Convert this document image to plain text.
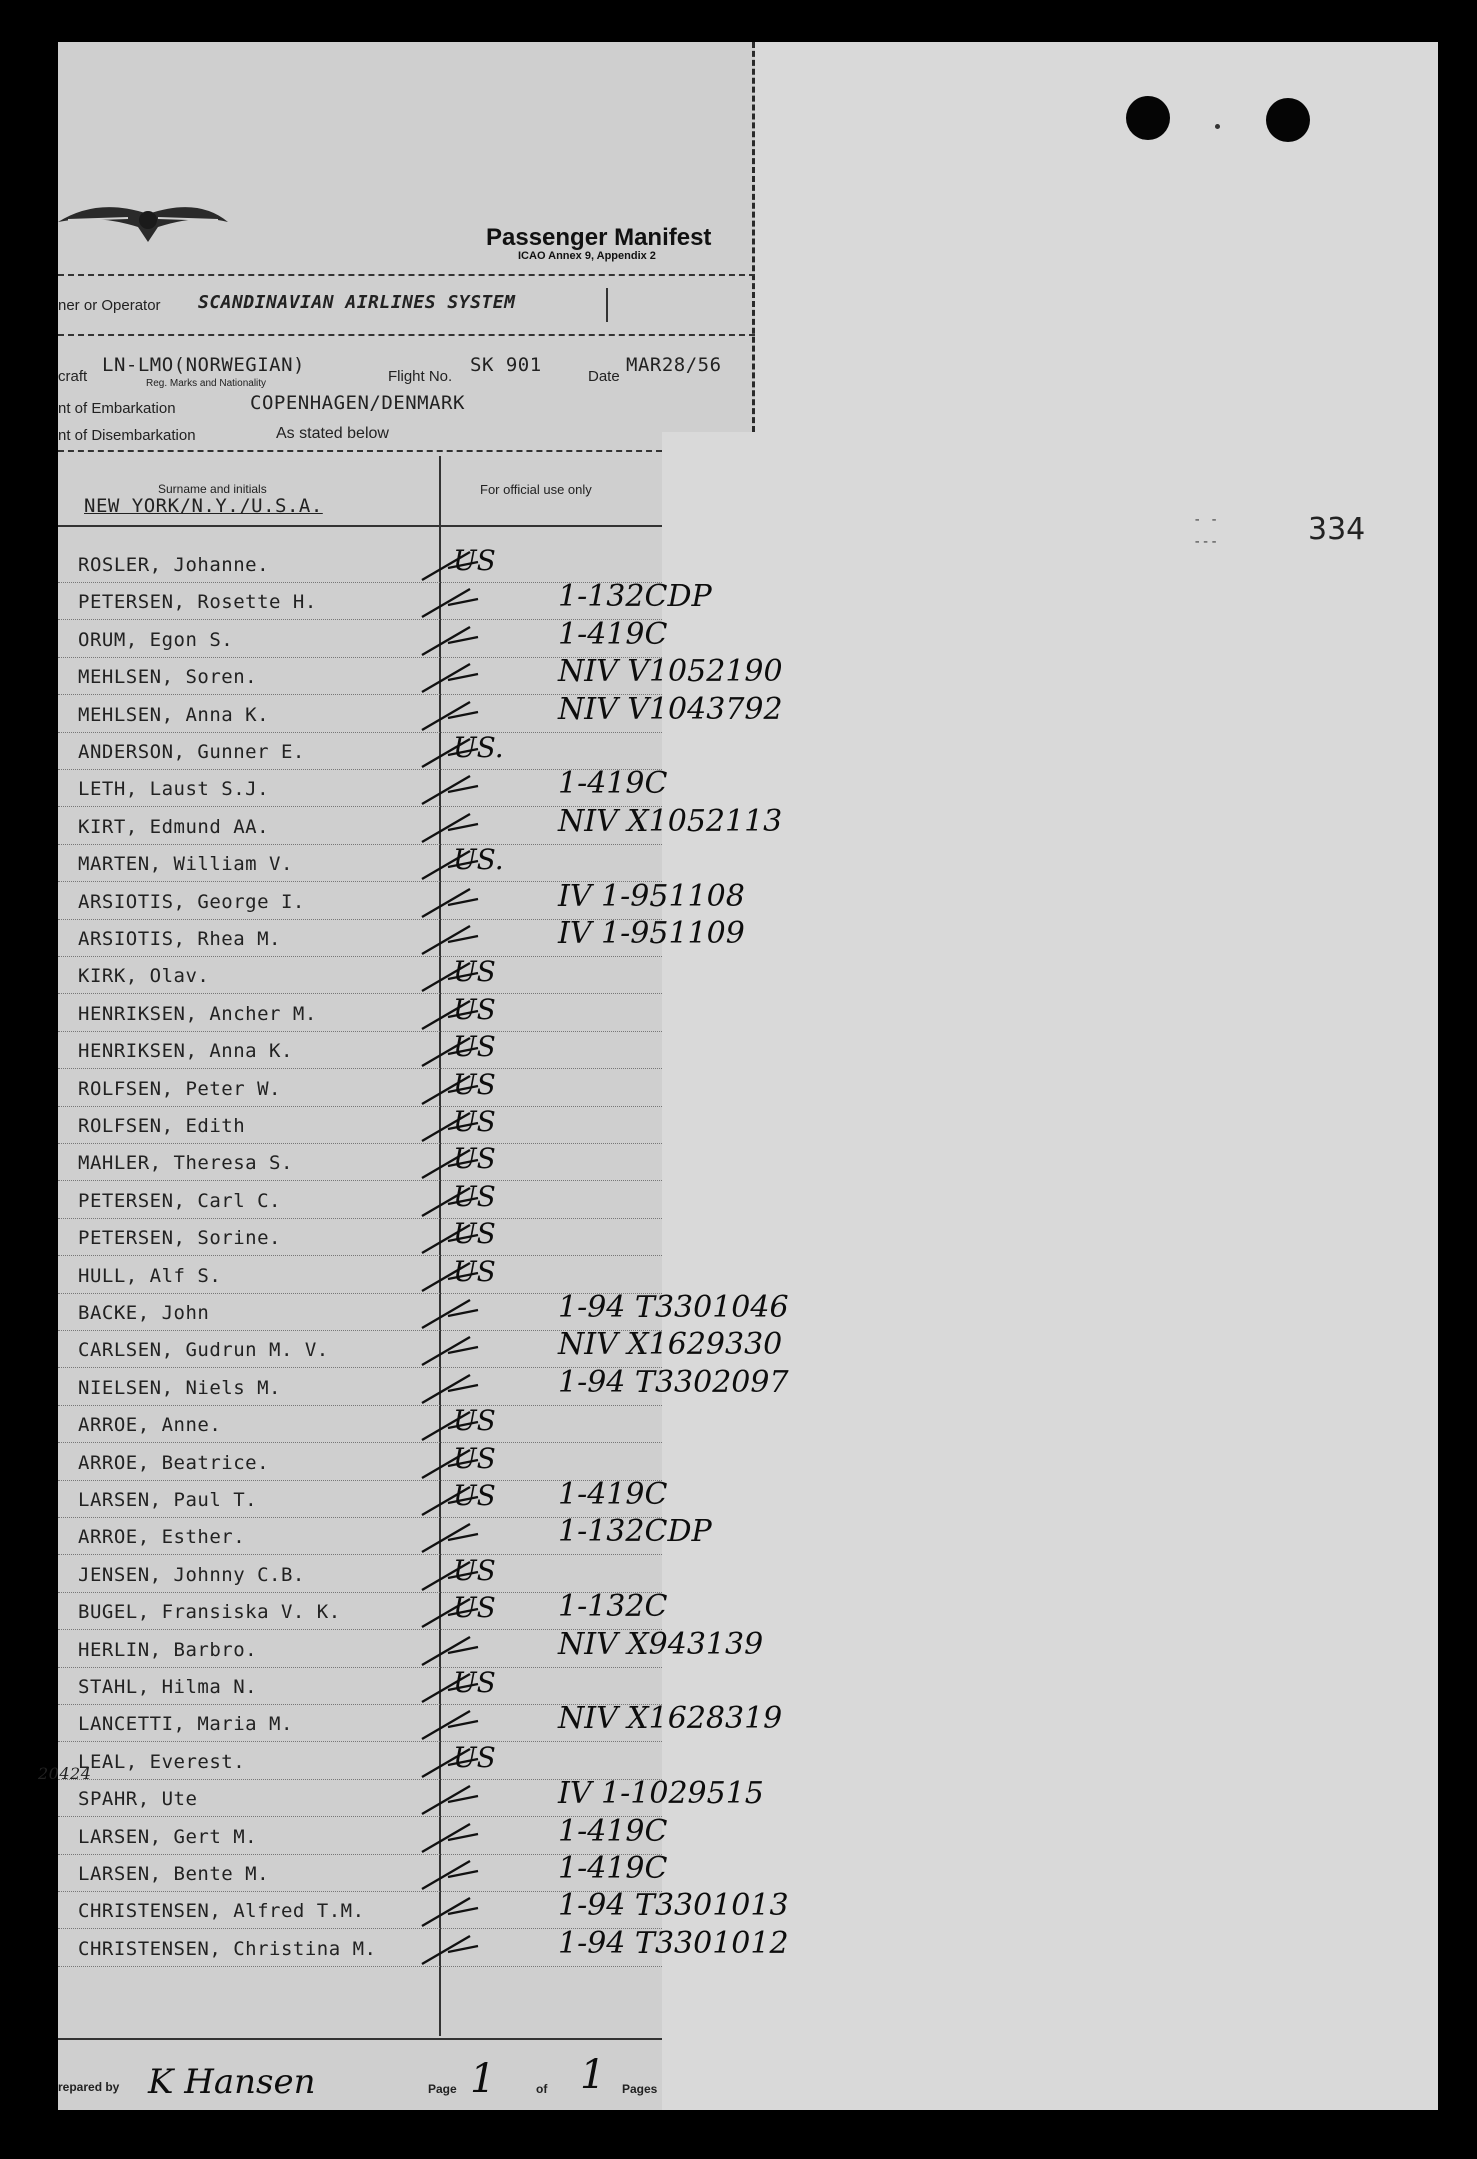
Passenger Manifest
ICAO Annex 9, Appendix 2
ner or Operator SCANDINAVIAN AIRLINES SYSTEM
craft
LN-LMO(NORWEGIAN)
Reg. Marks and Nationality	Flight No.
SK 901
Date
MAR28/56
nt of Embarkation	COPENHAGEN/DENMARK
nt of Disembarkation	As stated below
Surname and initials	For official use only
NEW YORK/N.Y./U.S.A.
ROSLER, Johanne.	US
PETERSEN, Rosette H.	1-132CDP
ORUM, Egon S.	1-419C
MEHLSEN, Soren.	NIV V1052190
MEHLSEN, Anna K.	NIV V1043792
ANDERSON, Gunner E.	US.
LETH, Laust S.J.	1-419C
KIRT, Edmund AA.	NIV X1052113
MARTEN, William V.	US.
ARSIOTIS, George I.	IV 1-951108
ARSIOTIS, Rhea M.	IV 1-951109
KIRK, Olav.	US
HENRIKSEN, Ancher M.	US
HENRIKSEN, Anna K.	US
ROLFSEN, Peter W.	US
ROLFSEN, Edith	US
MAHLER, Theresa S.	US
PETERSEN, Carl C.	US
PETERSEN, Sorine.	US
HULL, Alf S.	US
BACKE, John	1-94 T3301046
CARLSEN, Gudrun M. V.	NIV X1629330
NIELSEN, Niels M.	1-94 T3302097
ARROE, Anne.	US
ARROE, Beatrice.	US
LARSEN, Paul T.	US 1-419C
ARROE, Esther.	1-132CDP
JENSEN, Johnny C.B.	US
BUGEL, Fransiska V. K.	US 1-132C
HERLIN, Barbro.	NIV X943139
STAHL, Hilma N.	US
LANCETTI, Maria M.	NIV X1628319
LEAL, Everest.	US
SPAHR, Ute	IV 1-1029515
LARSEN, Gert M.	1-419C
LARSEN, Bente M.	1-419C
CHRISTENSEN, Alfred T.M.	1-94 T3301013
CHRISTENSEN, Christina M.	1-94 T3301012
20424
repared by K Hansen	Page 1	of 1 Pages
- -
---	334
